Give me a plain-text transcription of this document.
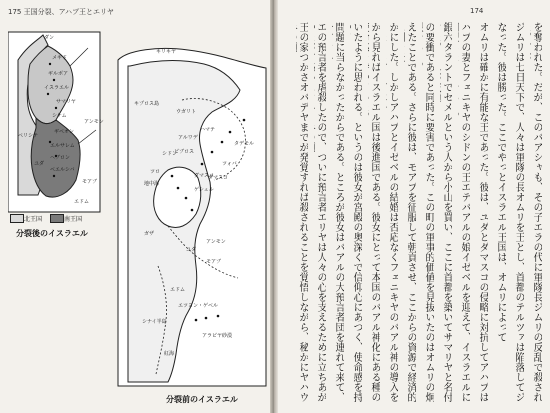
175 王国分裂、アハブ王とエリヤ
ダン
メギド
ギルボア
イスラエル
サマリヤ
シケム
ペリシテ
ギベオン
エルサレム
ヘブロン
ベエルシバ
ユダ
アンモン
モアブ
エドム
北王国	南王国
分裂後のイスラエル
キリキヤ
キプロス島
ツロ
シドン
ダマスコ
ウガリト
アルワデ
ハマテ
ビブロス
地中海
ゲシュル
ツォバ
ダマスコ
タデモル
ガザ
エドム
アンモン
モアブ
ユダ
エツヨン・ゲベル
シナイ半島
アラビヤ砂漠
紅海
分裂前のイスラエル
174
を奪われた。だが、このバアシャも、その子エラの代に軍隊長ジムリの反乱で殺され
ジムリは七日天下で、人々は軍隊の長オムリを王とし、首都のテルツァは陥落してジ
なった。彼は勝った。ここでやっとイスラエル王国は、オムリによって
オムリは確かに有能な王であった。彼は、ユダとダマスコの侵略に対抗してアハブは
ハブの妻とフェニキヤのシドンの王エテバアルの娘イゼベルを迎えて、イスラエルに
銀六タラントでセメルという人から小山を買い、ここに首都を築いてサマリヤと名付
の要衝であると同時に要害であった。この町の軍事的価値を見抜いたのはオムリの炯
えたことである。さらに彼は、モアブを征服して朝貢させ、ここからの資源で経済的
かにした。しかしアハブとイゼベルの結婚は否応なくフェニキヤのバアル神の導入を
から見ればイスラエル国は後進国である。彼女にとって本国のバアル神化にある種の
いたように思われる。というのは彼女が宮殿の奥深くで信仰心にあつく、使命感を持
問題に当らなかったからである。ところが彼女はバアルの大預言者団を連れて来て、
エの預言者を虐殺したので、ついに預言者エリヤは人々の心を支えるために立ちあが
王の家つかさオバデヤまでが発覚すれば殺されることを覚悟しながら、秘かにヤハウ
